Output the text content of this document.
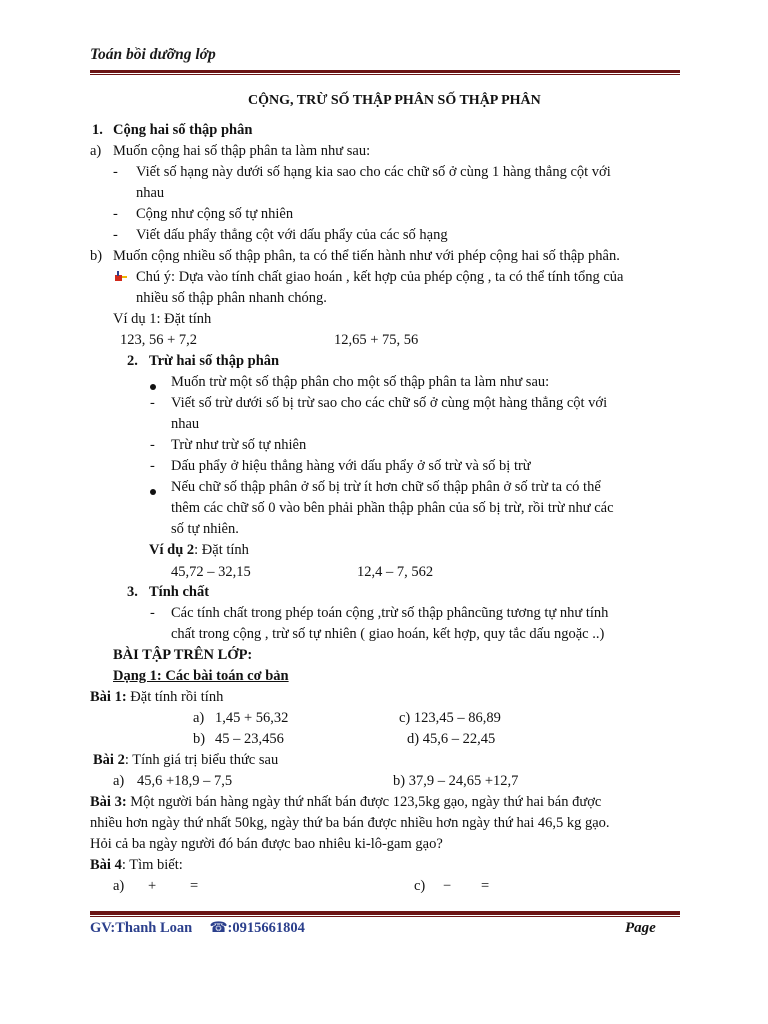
Toán bồi dưỡng lớp
CỘNG, TRỪ SỐ THẬP PHÂN SỐ THẬP PHÂN
1. Cộng hai số thập phân
a) Muốn cộng hai số thập phân ta làm như sau:
- Viết số hạng này dưới số hạng kia sao cho các chữ số ở cùng 1 hàng thẳng cột với
nhau
- Cộng như cộng số tự nhiên
- Viết dấu phẩy thẳng cột với dấu phẩy của các số hạng
b) Muốn cộng nhiều số thập phân, ta có thể tiến hành như với phép cộng hai số thập phân.
Chú ý: Dựa vào tính chất giao hoán , kết hợp của phép cộng , ta có thể tính tổng của
nhiều số thập phân nhanh chóng.
Ví dụ 1: Đặt tính
123, 56 + 7,2	12,65 + 75, 56
2. Trừ hai số thập phân
Muốn trừ một số thập phân cho một số thập phân ta làm như sau:
- Viết số trừ dưới số bị trừ sao cho các chữ số ở cùng một hàng thẳng cột với
nhau
- Trừ như trừ số tự nhiên
- Dấu phẩy ở hiệu thẳng hàng với dấu phẩy ở số trừ và số bị trừ
Nếu chữ số thập phân ở số bị trừ ít hơn chữ số thập phân ở số trừ ta có thể
thêm các chữ số 0 vào bên phải phần thập phân của số bị trừ, rồi trừ như các
số tự nhiên.
Ví dụ 2: Đặt tính
45,72 – 32,15	12,4 – 7, 562
3. Tính chất
- Các tính chất trong phép toán cộng ,trừ số thập phâncũng tương tự như tính
chất trong cộng , trừ số tự nhiên ( giao hoán, kết hợp, quy tắc dấu ngoặc ..)
BÀI TẬP TRÊN LỚP:
Dạng 1: Các bài toán cơ bản
Bài 1: Đặt tính rồi tính
a) 1,45 + 56,32	c) 123,45 – 86,89
b) 45 – 23,456	d) 45,6 – 22,45
Bài 2: Tính giá trị biểu thức sau
a) 45,6 +18,9 – 7,5	b) 37,9 – 24,65 +12,7
Bài 3: Một người bán hàng ngày thứ nhất bán được 123,5kg gạo, ngày thứ hai bán được
nhiều hơn ngày thứ nhất 50kg, ngày thứ ba bán được nhiều hơn ngày thứ hai 46,5 kg gạo.
Hỏi cả ba ngày người đó bán được bao nhiêu ki-lô-gam gạo?
Bài 4: Tìm biết:
a) + =	c) − =
GV:Thanh Loan ☎:0915661804	Page
